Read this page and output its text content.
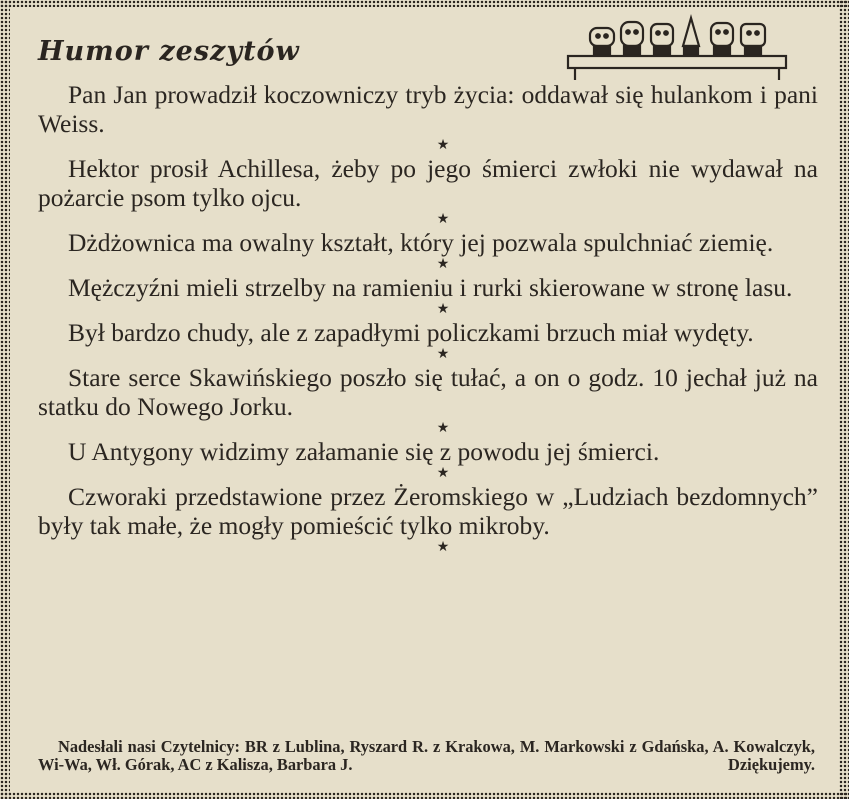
Humor zeszytów

Pan Jan prowadził koczowniczy tryb życia: oddawał się hulankom i pani Weiss.

★

Hektor prosił Achillesa, żeby po jego śmierci zwłoki nie wydawał na pożarcie psom tylko ojcu.

★

Dżdżownica ma owalny kształt, który jej pozwala spulchniać ziemię.

★

Mężczyźni mieli strzelby na ramieniu i rurki skierowane w stronę lasu.

★

Był bardzo chudy, ale z zapadłymi policzkami brzuch miał wydęty.

★

Stare serce Skawińskiego poszło się tułać, a on o godz. 10 jechał już na statku do Nowego Jorku.

★

U Antygony widzimy załamanie się z powodu jej śmierci.

★

Czworaki przedstawione przez Żeromskiego w „Ludziach bezdomnych” były tak małe, że mogły pomieścić tylko mikroby.

★
Nadesłali nasi Czytelnicy: BR z Lublina, Ryszard R. z Krakowa, M. Markowski z Gdańska, A. Kowalczyk, Wi-Wa, Wł. Górak, AC z Kalisza, Barbara J.	Dziękujemy.
